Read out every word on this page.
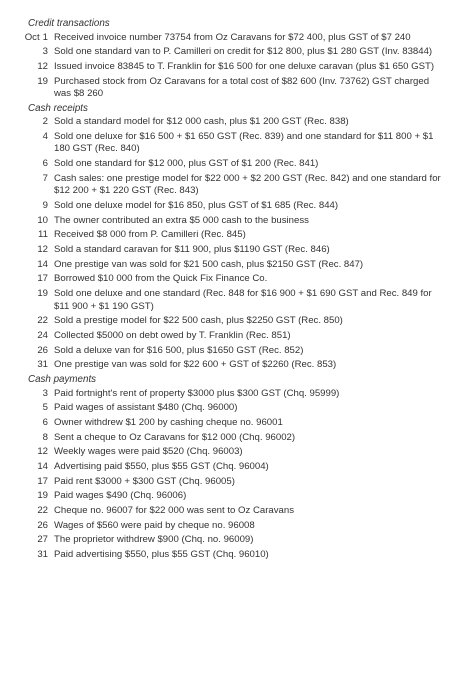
Credit transactions
Oct 1 Received invoice number 73754 from Oz Caravans for $72 400, plus GST of $7 240
3 Sold one standard van to P. Camilleri on credit for $12 800, plus $1 280 GST (Inv. 83844)
12 Issued invoice 83845 to T. Franklin for $16 500 for one deluxe caravan (plus $1 650 GST)
19 Purchased stock from Oz Caravans for a total cost of $82 600 (Inv. 73762) GST charged was $8 260
Cash receipts
2 Sold a standard model for $12 000 cash, plus $1 200 GST (Rec. 838)
4 Sold one deluxe for $16 500 + $1 650 GST (Rec. 839) and one standard for $11 800 + $1 180 GST (Rec. 840)
6 Sold one standard for $12 000, plus GST of $1 200 (Rec. 841)
7 Cash sales: one prestige model for $22 000 + $2 200 GST (Rec. 842) and one standard for $12 200 + $1 220 GST (Rec. 843)
9 Sold one deluxe model for $16 850, plus GST of $1 685 (Rec. 844)
10 The owner contributed an extra $5 000 cash to the business
11 Received $8 000 from P. Camilleri (Rec. 845)
12 Sold a standard caravan for $11 900, plus $1190 GST (Rec. 846)
14 One prestige van was sold for $21 500 cash, plus $2150 GST (Rec. 847)
17 Borrowed $10 000 from the Quick Fix Finance Co.
19 Sold one deluxe and one standard (Rec. 848 for $16 900 + $1 690 GST and Rec. 849 for $11 900 + $1 190 GST)
22 Sold a prestige model for $22 500 cash, plus $2250 GST (Rec. 850)
24 Collected $5000 on debt owed by T. Franklin (Rec. 851)
26 Sold a deluxe van for $16 500, plus $1650 GST (Rec. 852)
31 One prestige van was sold for $22 600 + GST of $2260 (Rec. 853)
Cash payments
3 Paid fortnight's rent of property $3000 plus $300 GST (Chq. 95999)
5 Paid wages of assistant $480 (Chq. 96000)
6 Owner withdrew $1 200 by cashing cheque no. 96001
8 Sent a cheque to Oz Caravans for $12 000 (Chq. 96002)
12 Weekly wages were paid $520 (Chq. 96003)
14 Advertising paid $550, plus $55 GST (Chq. 96004)
17 Paid rent $3000 + $300 GST (Chq. 96005)
19 Paid wages $490 (Chq. 96006)
22 Cheque no. 96007 for $22 000 was sent to Oz Caravans
26 Wages of $560 were paid by cheque no. 96008
27 The proprietor withdrew $900 (Chq. no. 96009)
31 Paid advertising $550, plus $55 GST (Chq. 96010)
